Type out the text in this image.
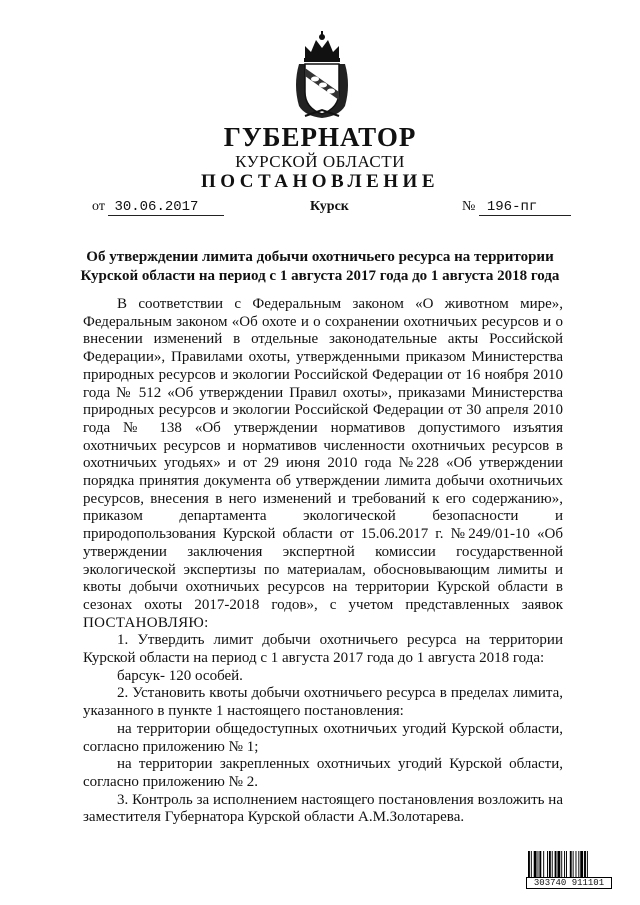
ГУБЕРНАТОР
КУРСКОЙ ОБЛАСТИ
ПОСТАНОВЛЕНИЕ
от 30.06.2017	Курск	№ 196-пг
Об утверждении лимита добычи охотничьего ресурса на территории Курской области на период с 1 августа 2017 года до 1 августа 2018 года

В соответствии с Федеральным законом «О животном мире», Федеральным законом «Об охоте и о сохранении охотничьих ресурсов и о внесении изменений в отдельные законодательные акты Российской Федерации», Правилами охоты, утвержденными приказом Министерства природных ресурсов и экологии Российской Федерации от 16 ноября 2010 года № 512 «Об утверждении Правил охоты», приказами Министерства природных ресурсов и экологии Российской Федерации от 30 апреля 2010 года № 138 «Об утверждении нормативов допустимого изъятия охотничьих ресурсов и нормативов численности охотничьих ресурсов в охотничьих угодьях» и от 29 июня 2010 года №228 «Об утверждении порядка принятия документа об утверждении лимита добычи охотничьих ресурсов, внесения в него изменений и требований к его содержанию», приказом департамента экологической безопасности и природопользования Курской области от 15.06.2017 г. №249/01-10 «Об утверждении заключения экспертной комиссии государственной экологической экспертизы по материалам, обосновывающим лимиты и квоты добычи охотничьих ресурсов на территории Курской области в сезонах охоты 2017-2018 годов», с учетом представленных заявок

ПОСТАНОВЛЯЮ:

1. Утвердить лимит добычи охотничьего ресурса на территории Курской области на период с 1 августа 2017 года до 1 августа 2018 года:

барсук- 120 особей.

2. Установить квоты добычи охотничьего ресурса в пределах лимита, указанного в пункте 1 настоящего постановления:

на территории общедоступных охотничьих угодий Курской области, согласно приложению № 1;

на территории закрепленных охотничьих угодий Курской области, согласно приложению № 2.

3. Контроль за исполнением настоящего постановления возложить на заместителя Губернатора Курской области А.М.Золотарева.

303740 911101
